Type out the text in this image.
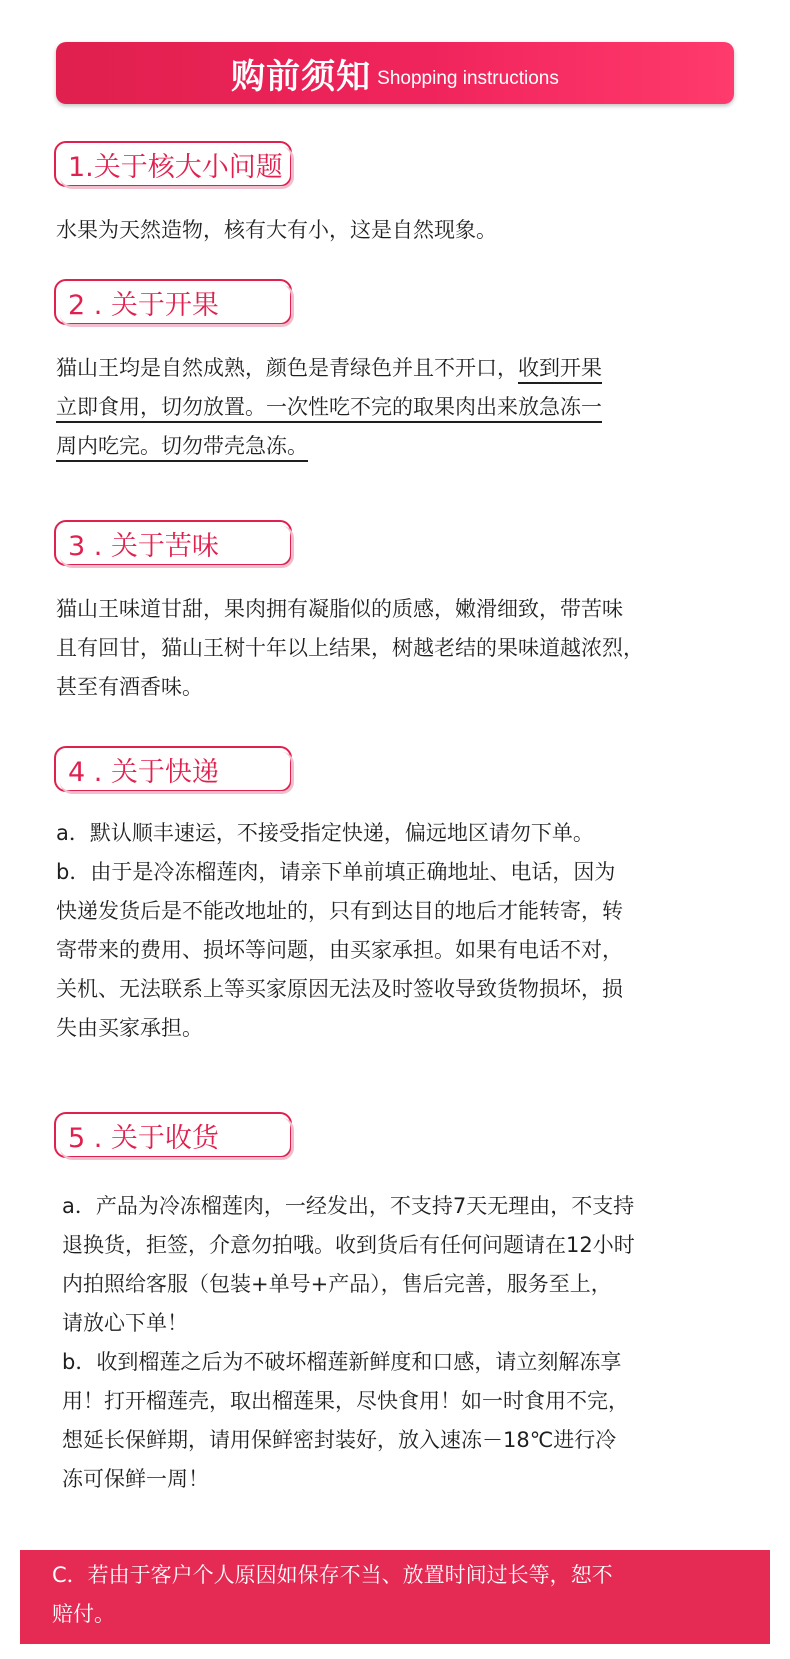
购前须知 Shopping instructions
1.关于核大小问题

水果为天然造物，核有大有小，这是自然现象。

2 . 关于开果

猫山王均是自然成熟，颜色是青绿色并且不开口，收到开果

立即食用，切勿放置。一次性吃不完的取果肉出来放急冻一

周内吃完。切勿带壳急冻。

3 . 关于苦味

猫山王味道甘甜，果肉拥有凝脂似的质感，嫩滑细致，带苦味

且有回甘，猫山王树十年以上结果，树越老结的果味道越浓烈，

甚至有酒香味。

4 . 关于快递

a．默认顺丰速运，不接受指定快递，偏远地区请勿下单。

b．由于是冷冻榴莲肉，请亲下单前填正确地址、电话，因为

快递发货后是不能改地址的，只有到达目的地后才能转寄，转

寄带来的费用、损坏等问题，由买家承担。如果有电话不对，

关机、无法联系上等买家原因无法及时签收导致货物损坏，损

失由买家承担。

5 . 关于收货

a．产品为冷冻榴莲肉，一经发出，不支持7天无理由，不支持

退换货，拒签，介意勿拍哦。收到货后有任何问题请在12小时

内拍照给客服（包装+单号+产品），售后完善，服务至上，

请放心下单！

b．收到榴莲之后为不破坏榴莲新鲜度和口感，请立刻解冻享

用！打开榴莲壳，取出榴莲果，尽快食用！如一时食用不完，

想延长保鲜期，请用保鲜密封装好，放入速冻－18℃进行冷

冻可保鲜一周！

C．若由于客户个人原因如保存不当、放置时间过长等，恕不

赔付。
